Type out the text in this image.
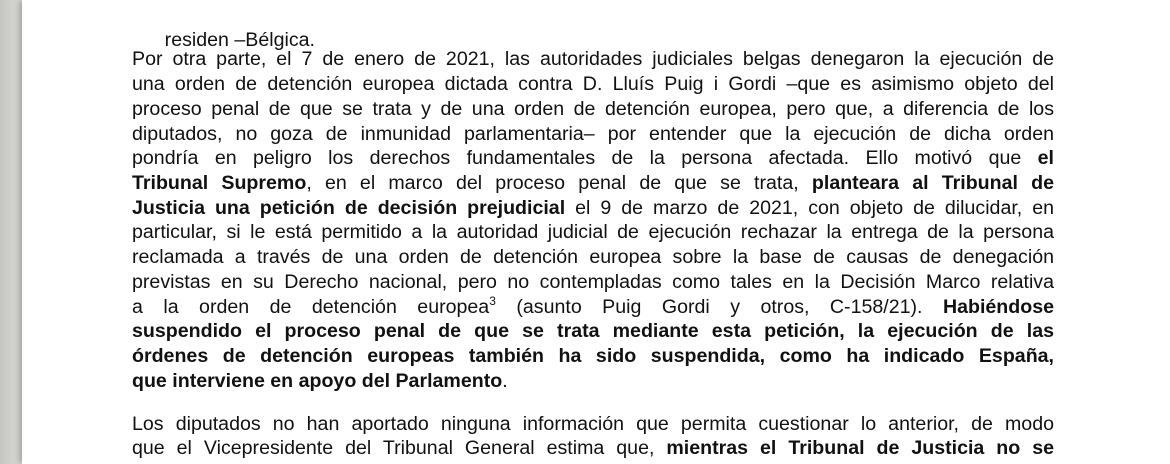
residen –Bélgica.

Por otra parte, el 7 de enero de 2021, las autoridades judiciales belgas denegaron la ejecución de
una orden de detención europea dictada contra D. Lluís Puig i Gordi –que es asimismo objeto del
proceso penal de que se trata y de una orden de detención europea, pero que, a diferencia de los
diputados, no goza de inmunidad parlamentaria– por entender que la ejecución de dicha orden
pondría en peligro los derechos fundamentales de la persona afectada. Ello motivó que el
Tribunal Supremo, en el marco del proceso penal de que se trata, planteara al Tribunal de
Justicia una petición de decisión prejudicial el 9 de marzo de 2021, con objeto de dilucidar, en
particular, si le está permitido a la autoridad judicial de ejecución rechazar la entrega de la persona
reclamada a través de una orden de detención europea sobre la base de causas de denegación
previstas en su Derecho nacional, pero no contempladas como tales en la Decisión Marco relativa
a la orden de detención europea$^3$ (asunto Puig Gordi y otros, C-158/21). Habiéndose
suspendido el proceso penal de que se trata mediante esta petición, la ejecución de las
órdenes de detención europeas también ha sido suspendida, como ha indicado España,
que interviene en apoyo del Parlamento.
Los diputados no han aportado ninguna información que permita cuestionar lo anterior, de modo
que el Vicepresidente del Tribunal General estima que, mientras el Tribunal de Justicia no se
